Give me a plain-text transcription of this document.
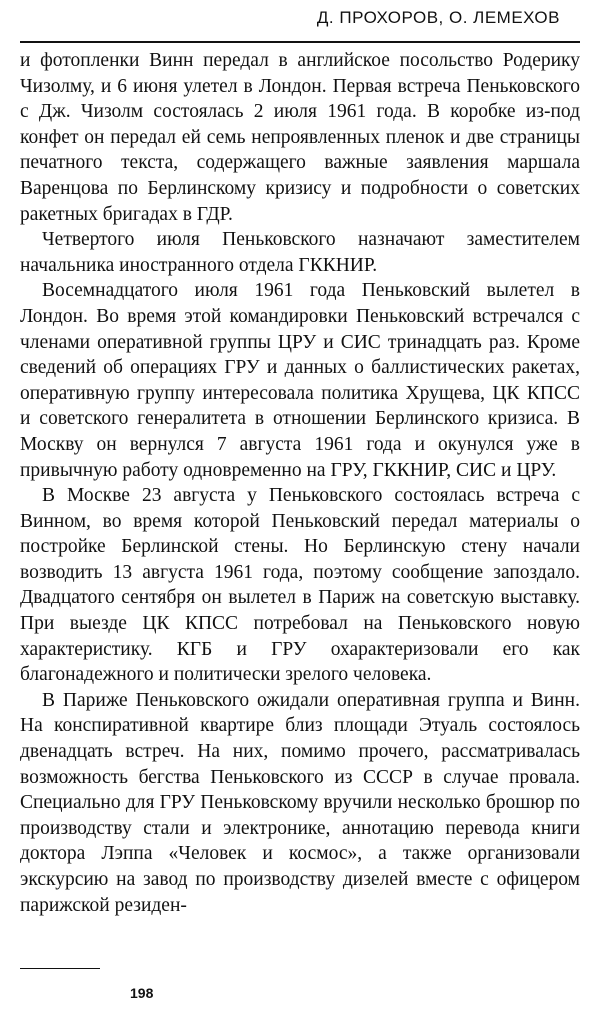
Д. ПРОХОРОВ, О. ЛЕМЕХОВ

и фотопленки Винн передал в английское посольство Родерику Чизолму, и 6 июня улетел в Лондон. Первая встреча Пеньковского с Дж. Чизолм состоялась 2 июля 1961 года. В коробке из-под конфет он передал ей семь непроявленных пленок и две страницы печатного текста, содержащего важные заявления маршала Варенцова по Берлинскому кризису и подробности о советских ракетных бригадах в ГДР.

Четвертого июля Пеньковского назначают заместителем начальника иностранного отдела ГККНИР.

Восемнадцатого июля 1961 года Пеньковский вылетел в Лондон. Во время этой командировки Пеньковский встречался с членами оперативной группы ЦРУ и СИС тринадцать раз. Кроме сведений об операциях ГРУ и данных о баллистических ракетах, оперативную группу интересовала политика Хрущева, ЦК КПСС и советского генералитета в отношении Берлинского кризиса. В Москву он вернулся 7 августа 1961 года и окунулся уже в привычную работу одновременно на ГРУ, ГККНИР, СИС и ЦРУ.

В Москве 23 августа у Пеньковского состоялась встреча с Винном, во время которой Пеньковский передал материалы о постройке Берлинской стены. Но Берлинскую стену начали возводить 13 августа 1961 года, поэтому сообщение запоздало. Двадцатого сентября он вылетел в Париж на советскую выставку. При выезде ЦК КПСС потребовал на Пеньковского новую характеристику. КГБ и ГРУ охарактеризовали его как благонадежного и политически зрелого человека.

В Париже Пеньковского ожидали оперативная группа и Винн. На конспиративной квартире близ площади Этуаль состоялось двенадцать встреч. На них, помимо прочего, рассматривалась возможность бегства Пеньковского из СССР в случае провала. Специально для ГРУ Пеньковскому вручили несколько брошюр по производству стали и электронике, аннотацию перевода книги доктора Лэппа «Человек и космос», а также организовали экскурсию на завод по производству дизелей вместе с офицером парижской резиден-

198
